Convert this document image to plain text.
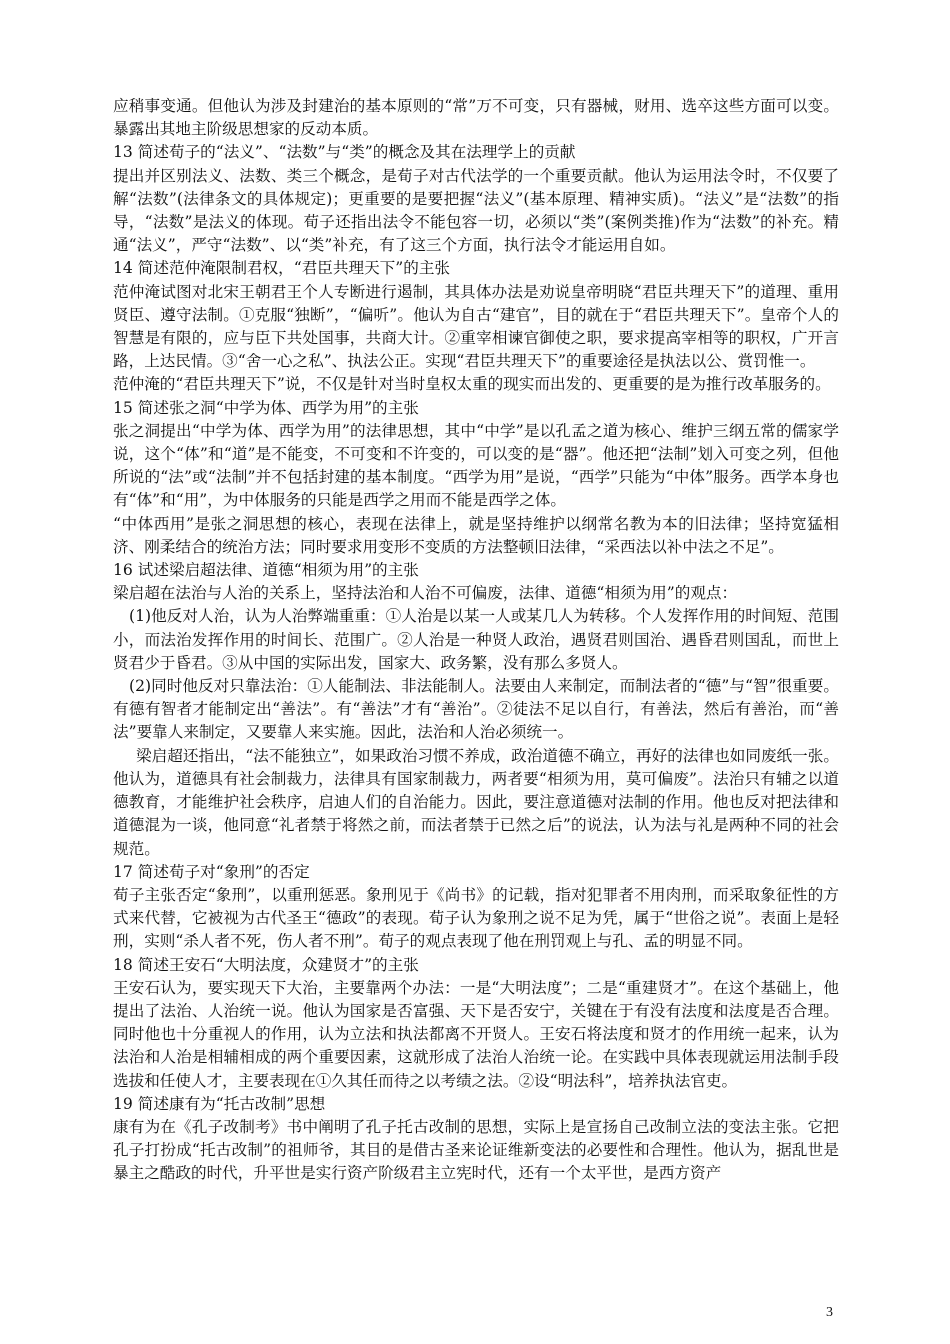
应稍事变通。但他认为涉及封建治的基本原则的“常”万不可变，只有器械，财用、选卒这些方面可以变。暴露出其地主阶级思想家的反动本质。

13 简述荀子的“法义”、“法数”与“类”的概念及其在法理学上的贡献

提出并区别法义、法数、类三个概念，是荀子对古代法学的一个重要贡献。他认为运用法令时，不仅要了解“法数”(法律条文的具体规定)；更重要的是要把握“法义”(基本原理、精神实质)。“法义”是“法数”的指导，“法数”是法义的体现。荀子还指出法令不能包容一切，必须以“类”(案例类推)作为“法数”的补充。精通“法义”，严守“法数”、以“类”补充，有了这三个方面，执行法令才能运用自如。

14 简述范仲淹限制君权，“君臣共理天下”的主张

范仲淹试图对北宋王朝君王个人专断进行遏制，其具体办法是劝说皇帝明晓“君臣共理天下”的道理、重用贤臣、遵守法制。①克服“独断”，“偏听”。他认为自古“建官”，目的就在于“君臣共理天下”。皇帝个人的智慧是有限的，应与臣下共处国事，共商大计。②重宰相谏官御使之职，要求提高宰相等的职权，广开言路，上达民情。③“舍一心之私”、执法公正。实现“君臣共理天下”的重要途径是执法以公、赏罚惟一。

范仲淹的“君臣共理天下”说，不仅是针对当时皇权太重的现实而出发的、更重要的是为推行改革服务的。

15 简述张之洞“中学为体、西学为用”的主张

张之洞提出“中学为体、西学为用”的法律思想，其中“中学”是以孔孟之道为核心、维护三纲五常的儒家学说，这个“体”和“道”是不能变，不可变和不许变的，可以变的是“器”。他还把“法制”划入可变之列，但他所说的“法”或“法制”并不包括封建的基本制度。“西学为用”是说，“西学”只能为“中体”服务。西学本身也有“体”和“用”，为中体服务的只能是西学之用而不能是西学之体。

“中体西用”是张之洞思想的核心，表现在法律上，就是坚持维护以纲常名教为本的旧法律；坚持宽猛相济、刚柔结合的统治方法；同时要求用变形不变质的方法整顿旧法律，“采西法以补中法之不足”。

16 试述梁启超法律、道德“相须为用”的主张

梁启超在法治与人治的关系上，坚持法治和人治不可偏废，法律、道德“相须为用”的观点：

(1)他反对人治，认为人治弊端重重：①人治是以某一人或某几人为转移。个人发挥作用的时间短、范围小，而法治发挥作用的时间长、范围广。②人治是一种贤人政治，遇贤君则国治、遇昏君则国乱，而世上贤君少于昏君。③从中国的实际出发，国家大、政务繁，没有那么多贤人。

(2)同时他反对只靠法治：①人能制法、非法能制人。法要由人来制定，而制法者的“德”与“智”很重要。有德有智者才能制定出“善法”。有“善法”才有“善治”。②徒法不足以自行，有善法，然后有善治，而“善法”要靠人来制定，又要靠人来实施。因此，法治和人治必须统一。

梁启超还指出，“法不能独立”，如果政治习惯不养成，政治道德不确立，再好的法律也如同废纸一张。他认为，道德具有社会制裁力，法律具有国家制裁力，两者要“相须为用，莫可偏废”。法治只有辅之以道德教育，才能维护社会秩序，启迪人们的自治能力。因此，要注意道德对法制的作用。他也反对把法律和道德混为一谈，他同意“礼者禁于将然之前，而法者禁于已然之后”的说法，认为法与礼是两种不同的社会规范。

17 简述荀子对“象刑”的否定

荀子主张否定“象刑”，以重刑惩恶。象刑见于《尚书》的记载，指对犯罪者不用肉刑，而采取象征性的方式来代替，它被视为古代圣王“德政”的表现。荀子认为象刑之说不足为凭，属于“世俗之说”。表面上是轻刑，实则“杀人者不死，伤人者不刑”。荀子的观点表现了他在刑罚观上与孔、孟的明显不同。

18 简述王安石“大明法度，众建贤才”的主张

王安石认为，要实现天下大治，主要靠两个办法：一是“大明法度”；二是“重建贤才”。在这个基础上，他提出了法治、人治统一说。他认为国家是否富强、天下是否安宁，关键在于有没有法度和法度是否合理。同时他也十分重视人的作用，认为立法和执法都离不开贤人。王安石将法度和贤才的作用统一起来，认为法治和人治是相辅相成的两个重要因素，这就形成了法治人治统一论。在实践中具体表现就运用法制手段选拔和任使人才，主要表现在①久其任而待之以考绩之法。②设“明法科”，培养执法官吏。

19 简述康有为“托古改制”思想

康有为在《孔子改制考》书中阐明了孔子托古改制的思想，实际上是宣扬自己改制立法的变法主张。它把孔子打扮成“托古改制”的祖师爷，其目的是借古圣来论证维新变法的必要性和合理性。他认为，据乱世是暴主之酷政的时代，升平世是实行资产阶级君主立宪时代，还有一个太平世，是西方资产

3
